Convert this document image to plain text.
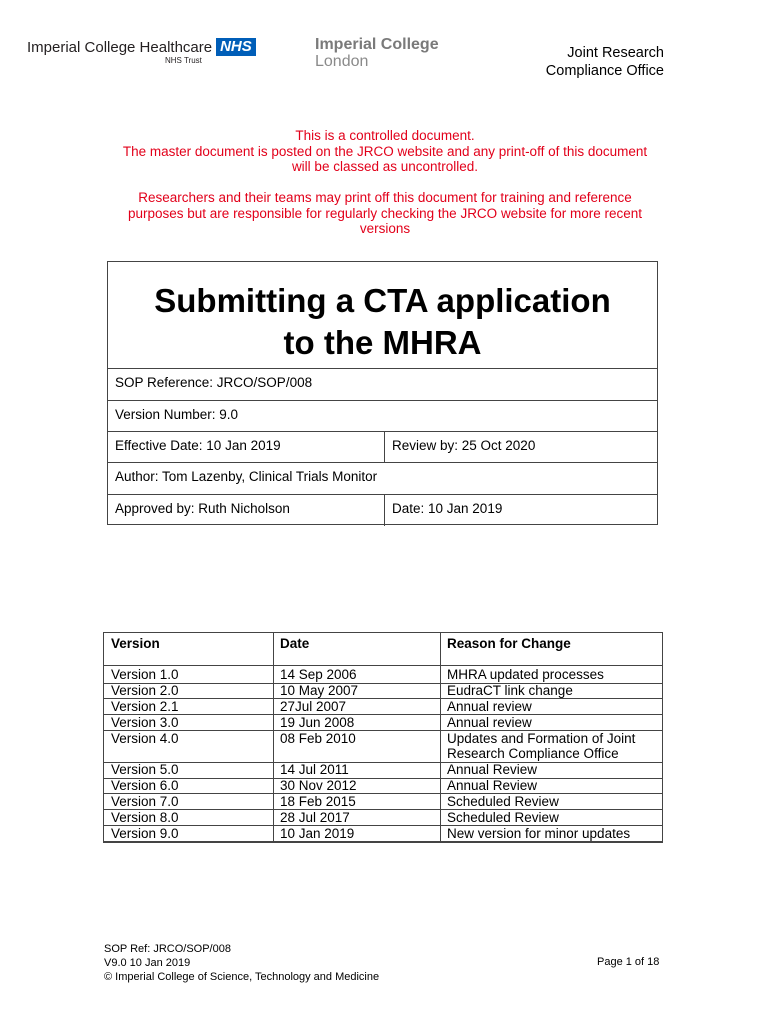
Imperial College Healthcare NHS
NHS Trust
Imperial College
London	Joint Research
Compliance Office
This is a controlled document.
The master document is posted on the JRCO website and any print-off of this document
will be classed as uncontrolled.
Researchers and their teams may print off this document for training and reference
purposes but are responsible for regularly checking the JRCO website for more recent
versions
Submitting a CTA application
to the MHRA
SOP Reference: JRCO/SOP/008
Version Number: 9.0
Effective Date: 10 Jan 2019	Review by: 25 Oct 2020
Author: Tom Lazenby, Clinical Trials Monitor
Approved by: Ruth Nicholson	Date: 10 Jan 2019
Version	Date	Reason for Change
Version 1.0	14 Sep 2006	MHRA updated processes
Version 2.0	10 May 2007	EudraCT link change
Version 2.1	27Jul 2007	Annual review
Version 3.0	19 Jun 2008	Annual review
Version 4.0	08 Feb 2010	Updates and Formation of Joint
Research Compliance Office
Version 5.0	14 Jul 2011	Annual Review
Version 6.0	30 Nov 2012	Annual Review
Version 7.0	18 Feb 2015	Scheduled Review
Version 8.0	28 Jul 2017	Scheduled Review
Version 9.0	10 Jan 2019	New version for minor updates
SOP Ref: JRCO/SOP/008
V9.0 10 Jan 2019
© Imperial College of Science, Technology and Medicine
Page 1 of 18
